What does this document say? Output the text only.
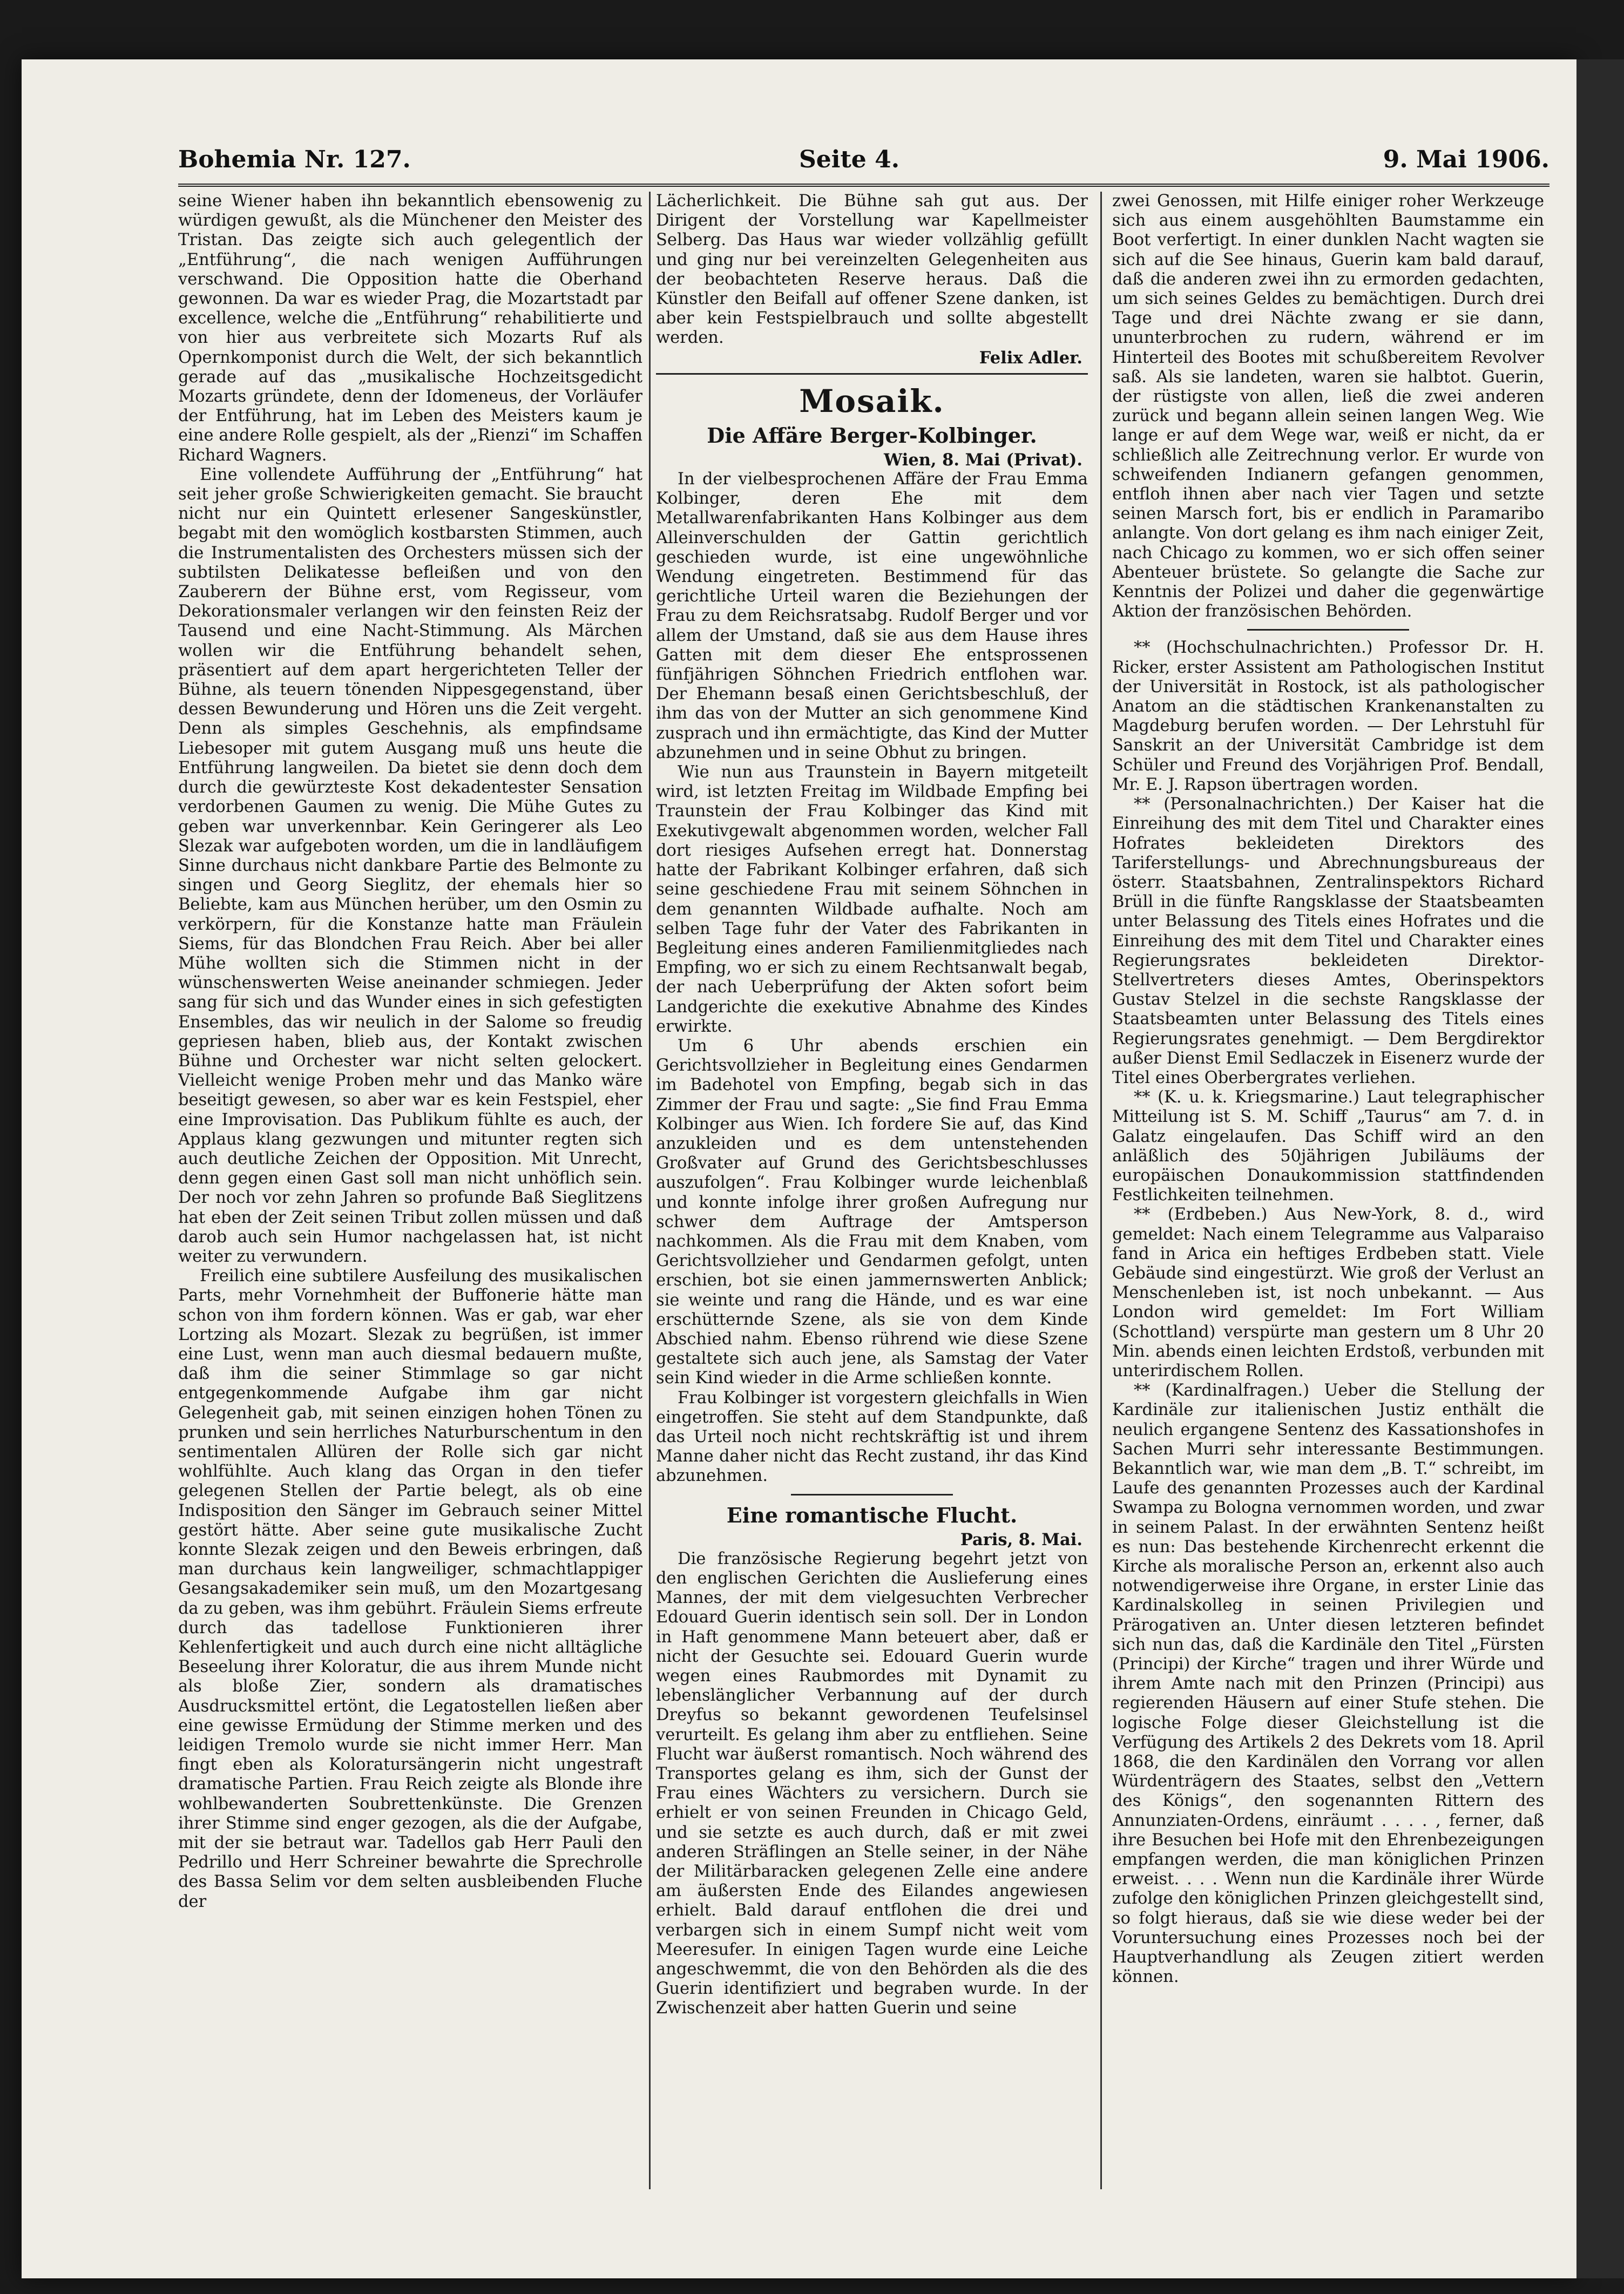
Bohemia Nr. 127.	Seite 4.	9. Mai 1906.

seine Wiener haben ihn bekanntlich ebensowenig zu würdigen gewußt, als die Münchener den Meister des Tristan. Das zeigte sich auch gelegentlich der „Entführung“, die nach wenigen Aufführungen verschwand. Die Opposition hatte die Oberhand gewonnen. Da war es wieder Prag, die Mozartstadt par excellence, welche die „Entführung“ rehabilitierte und von hier aus verbreitete sich Mozarts Ruf als Opernkomponist durch die Welt, der sich bekanntlich gerade auf das „musikalische Hochzeitsgedicht Mozarts gründete, denn der Idomeneus, der Vorläufer der Entführung, hat im Leben des Meisters kaum je eine andere Rolle gespielt, als der „Rienzi“ im Schaffen Richard Wagners.

Eine vollendete Aufführung der „Entführung“ hat seit jeher große Schwierigkeiten gemacht. Sie braucht nicht nur ein Quintett erlesener Sangeskünstler, begabt mit den womöglich kostbarsten Stimmen, auch die Instrumentalisten des Orchesters müssen sich der subtilsten Delikatesse befleißen und von den Zauberern der Bühne erst, vom Regisseur, vom Dekorationsmaler verlangen wir den feinsten Reiz der Tausend und eine Nacht-Stimmung. Als Märchen wollen wir die Entführung behandelt sehen, präsentiert auf dem apart hergerichteten Teller der Bühne, als teuern tönenden Nippesgegenstand, über dessen Bewunderung und Hören uns die Zeit vergeht. Denn als simples Geschehnis, als empfindsame Liebesoper mit gutem Ausgang muß uns heute die Entführung langweilen. Da bietet sie denn doch dem durch die gewürzteste Kost dekadentester Sensation verdorbenen Gaumen zu wenig. Die Mühe Gutes zu geben war unverkennbar. Kein Geringerer als Leo Slezak war aufgeboten worden, um die in landläufigem Sinne durchaus nicht dankbare Partie des Belmonte zu singen und Georg Sieglitz, der ehemals hier so Beliebte, kam aus München herüber, um den Osmin zu verkörpern, für die Konstanze hatte man Fräulein Siems, für das Blondchen Frau Reich. Aber bei aller Mühe wollten sich die Stimmen nicht in der wünschenswerten Weise aneinander schmiegen. Jeder sang für sich und das Wunder eines in sich gefestigten Ensembles, das wir neulich in der Salome so freudig gepriesen haben, blieb aus, der Kontakt zwischen Bühne und Orchester war nicht selten gelockert. Vielleicht wenige Proben mehr und das Manko wäre beseitigt gewesen, so aber war es kein Festspiel, eher eine Improvisation. Das Publikum fühlte es auch, der Applaus klang gezwungen und mitunter regten sich auch deutliche Zeichen der Opposition. Mit Unrecht, denn gegen einen Gast soll man nicht unhöflich sein. Der noch vor zehn Jahren so profunde Baß Sieglitzens hat eben der Zeit seinen Tribut zollen müssen und daß darob auch sein Humor nachgelassen hat, ist nicht weiter zu verwundern.

Freilich eine subtilere Ausfeilung des musikalischen Parts, mehr Vornehmheit der Buffonerie hätte man schon von ihm fordern können. Was er gab, war eher Lortzing als Mozart. Slezak zu begrüßen, ist immer eine Lust, wenn man auch diesmal bedauern mußte, daß ihm die seiner Stimmlage so gar nicht entgegenkommende Aufgabe ihm gar nicht Gelegenheit gab, mit seinen einzigen hohen Tönen zu prunken und sein herrliches Naturburschentum in den sentimentalen Allüren der Rolle sich gar nicht wohlfühlte. Auch klang das Organ in den tiefer gelegenen Stellen der Partie belegt, als ob eine Indisposition den Sänger im Gebrauch seiner Mittel gestört hätte. Aber seine gute musikalische Zucht konnte Slezak zeigen und den Beweis erbringen, daß man durchaus kein langweiliger, schmachtlappiger Gesangsakademiker sein muß, um den Mozartgesang da zu geben, was ihm gebührt. Fräulein Siems erfreute durch das tadellose Funktionieren ihrer Kehlenfertigkeit und auch durch eine nicht alltägliche Beseelung ihrer Koloratur, die aus ihrem Munde nicht als bloße Zier, sondern als dramatisches Ausdrucksmittel ertönt, die Legatostellen ließen aber eine gewisse Ermüdung der Stimme merken und des leidigen Tremolo wurde sie nicht immer Herr. Man fingt eben als Koloratursängerin nicht ungestraft dramatische Partien. Frau Reich zeigte als Blonde ihre wohlbewanderten Soubrettenkünste. Die Grenzen ihrer Stimme sind enger gezogen, als die der Aufgabe, mit der sie betraut war. Tadellos gab Herr Pauli den Pedrillo und Herr Schreiner bewahrte die Sprechrolle des Bassa Selim vor dem selten ausbleibenden Fluche der

Lächerlichkeit. Die Bühne sah gut aus. Der Dirigent der Vorstellung war Kapellmeister Selberg. Das Haus war wieder vollzählig gefüllt und ging nur bei vereinzelten Gelegenheiten aus der beobachteten Reserve heraus. Daß die Künstler den Beifall auf offener Szene danken, ist aber kein Festspielbrauch und sollte abgestellt werden.

Felix Adler.
Mosaik.
Die Affäre Berger-Kolbinger.
Wien, 8. Mai (Privat).

In der vielbesprochenen Affäre der Frau Emma Kolbinger, deren Ehe mit dem Metallwarenfabrikanten Hans Kolbinger aus dem Alleinverschulden der Gattin gerichtlich geschieden wurde, ist eine ungewöhnliche Wendung eingetreten. Bestimmend für das gerichtliche Urteil waren die Beziehungen der Frau zu dem Reichsratsabg. Rudolf Berger und vor allem der Umstand, daß sie aus dem Hause ihres Gatten mit dem dieser Ehe entsprossenen fünfjährigen Söhnchen Friedrich entflohen war. Der Ehemann besaß einen Gerichtsbeschluß, der ihm das von der Mutter an sich genommene Kind zusprach und ihn ermächtigte, das Kind der Mutter abzunehmen und in seine Obhut zu bringen.

Wie nun aus Traunstein in Bayern mitgeteilt wird, ist letzten Freitag im Wildbade Empfing bei Traunstein der Frau Kolbinger das Kind mit Exekutivgewalt abgenommen worden, welcher Fall dort riesiges Aufsehen erregt hat. Donnerstag hatte der Fabrikant Kolbinger erfahren, daß sich seine geschiedene Frau mit seinem Söhnchen in dem genannten Wildbade aufhalte. Noch am selben Tage fuhr der Vater des Fabrikanten in Begleitung eines anderen Familienmitgliedes nach Empfing, wo er sich zu einem Rechtsanwalt begab, der nach Ueberprüfung der Akten sofort beim Landgerichte die exekutive Abnahme des Kindes erwirkte.

Um 6 Uhr abends erschien ein Gerichtsvollzieher in Begleitung eines Gendarmen im Badehotel von Empfing, begab sich in das Zimmer der Frau und sagte: „Sie find Frau Emma Kolbinger aus Wien. Ich fordere Sie auf, das Kind anzukleiden und es dem untenstehenden Großvater auf Grund des Gerichtsbeschlusses auszufolgen“. Frau Kolbinger wurde leichenblaß und konnte infolge ihrer großen Aufregung nur schwer dem Auftrage der Amtsperson nachkommen. Als die Frau mit dem Knaben, vom Gerichtsvollzieher und Gendarmen gefolgt, unten erschien, bot sie einen jammernswerten Anblick; sie weinte und rang die Hände, und es war eine erschütternde Szene, als sie von dem Kinde Abschied nahm. Ebenso rührend wie diese Szene gestaltete sich auch jene, als Samstag der Vater sein Kind wieder in die Arme schließen konnte.

Frau Kolbinger ist vorgestern gleichfalls in Wien eingetroffen. Sie steht auf dem Standpunkte, daß das Urteil noch nicht rechtskräftig ist und ihrem Manne daher nicht das Recht zustand, ihr das Kind abzunehmen.

Eine romantische Flucht.
Paris, 8. Mai.

Die französische Regierung begehrt jetzt von den englischen Gerichten die Auslieferung eines Mannes, der mit dem vielgesuchten Verbrecher Edouard Guerin identisch sein soll. Der in London in Haft genommene Mann beteuert aber, daß er nicht der Gesuchte sei. Edouard Guerin wurde wegen eines Raubmordes mit Dynamit zu lebenslänglicher Verbannung auf der durch Dreyfus so bekannt gewordenen Teufelsinsel verurteilt. Es gelang ihm aber zu entfliehen. Seine Flucht war äußerst romantisch. Noch während des Transportes gelang es ihm, sich der Gunst der Frau eines Wächters zu versichern. Durch sie erhielt er von seinen Freunden in Chicago Geld, und sie setzte es auch durch, daß er mit zwei anderen Sträflingen an Stelle seiner, in der Nähe der Militärbaracken gelegenen Zelle eine andere am äußersten Ende des Eilandes angewiesen erhielt. Bald darauf entflohen die drei und verbargen sich in einem Sumpf nicht weit vom Meeresufer. In einigen Tagen wurde eine Leiche angeschwemmt, die von den Behörden als die des Guerin identifiziert und begraben wurde. In der Zwischenzeit aber hatten Guerin und seine

zwei Genossen, mit Hilfe einiger roher Werkzeuge sich aus einem ausgehöhlten Baumstamme ein Boot verfertigt. In einer dunklen Nacht wagten sie sich auf die See hinaus, Guerin kam bald darauf, daß die anderen zwei ihn zu ermorden gedachten, um sich seines Geldes zu bemächtigen. Durch drei Tage und drei Nächte zwang er sie dann, ununterbrochen zu rudern, während er im Hinterteil des Bootes mit schußbereitem Revolver saß. Als sie landeten, waren sie halbtot. Guerin, der rüstigste von allen, ließ die zwei anderen zurück und begann allein seinen langen Weg. Wie lange er auf dem Wege war, weiß er nicht, da er schließlich alle Zeitrechnung verlor. Er wurde von schweifenden Indianern gefangen genommen, entfloh ihnen aber nach vier Tagen und setzte seinen Marsch fort, bis er endlich in Paramaribo anlangte. Von dort gelang es ihm nach einiger Zeit, nach Chicago zu kommen, wo er sich offen seiner Abenteuer brüstete. So gelangte die Sache zur Kenntnis der Polizei und daher die gegenwärtige Aktion der französischen Behörden.

** (Hochschulnachrichten.) Professor Dr. H. Ricker, erster Assistent am Pathologischen Institut der Universität in Rostock, ist als pathologischer Anatom an die städtischen Krankenanstalten zu Magdeburg berufen worden. — Der Lehrstuhl für Sanskrit an der Universität Cambridge ist dem Schüler und Freund des Vorjährigen Prof. Bendall, Mr. E. J. Rapson übertragen worden.

** (Personalnachrichten.) Der Kaiser hat die Einreihung des mit dem Titel und Charakter eines Hofrates bekleideten Direktors des Tariferstellungs- und Abrechnungsbureaus der österr. Staatsbahnen, Zentralinspektors Richard Brüll in die fünfte Rangsklasse der Staatsbeamten unter Belassung des Titels eines Hofrates und die Einreihung des mit dem Titel und Charakter eines Regierungsrates bekleideten Direktor-Stellvertreters dieses Amtes, Oberinspektors Gustav Stelzel in die sechste Rangsklasse der Staatsbeamten unter Belassung des Titels eines Regierungsrates genehmigt. — Dem Bergdirektor außer Dienst Emil Sedlaczek in Eisenerz wurde der Titel eines Oberbergrates verliehen.

** (K. u. k. Kriegsmarine.) Laut telegraphischer Mitteilung ist S. M. Schiff „Taurus“ am 7. d. in Galatz eingelaufen. Das Schiff wird an den anläßlich des 50jährigen Jubiläums der europäischen Donaukommission stattfindenden Festlichkeiten teilnehmen.

** (Erdbeben.) Aus New-York, 8. d., wird gemeldet: Nach einem Telegramme aus Valparaiso fand in Arica ein heftiges Erdbeben statt. Viele Gebäude sind eingestürzt. Wie groß der Verlust an Menschenleben ist, ist noch unbekannt. — Aus London wird gemeldet: Im Fort William (Schottland) verspürte man gestern um 8 Uhr 20 Min. abends einen leichten Erdstoß, verbunden mit unterirdischem Rollen.

** (Kardinalfragen.) Ueber die Stellung der Kardinäle zur italienischen Justiz enthält die neulich ergangene Sentenz des Kassationshofes in Sachen Murri sehr interessante Bestimmungen. Bekanntlich war, wie man dem „B. T.“ schreibt, im Laufe des genannten Prozesses auch der Kardinal Swampa zu Bologna vernommen worden, und zwar in seinem Palast. In der erwähnten Sentenz heißt es nun: Das bestehende Kirchenrecht erkennt die Kirche als moralische Person an, erkennt also auch notwendigerweise ihre Organe, in erster Linie das Kardinalskolleg in seinen Privilegien und Prärogativen an. Unter diesen letzteren befindet sich nun das, daß die Kardinäle den Titel „Fürsten (Principi) der Kirche“ tragen und ihrer Würde und ihrem Amte nach mit den Prinzen (Principi) aus regierenden Häusern auf einer Stufe stehen. Die logische Folge dieser Gleichstellung ist die Verfügung des Artikels 2 des Dekrets vom 18. April 1868, die den Kardinälen den Vorrang vor allen Würdenträgern des Staates, selbst den „Vettern des Königs“, den sogenannten Rittern des Annunziaten-Ordens, einräumt . . . . , ferner, daß ihre Besuchen bei Hofe mit den Ehrenbezeigungen empfangen werden, die man königlichen Prinzen erweist. . . . Wenn nun die Kardinäle ihrer Würde zufolge den königlichen Prinzen gleichgestellt sind, so folgt hieraus, daß sie wie diese weder bei der Voruntersuchung eines Prozesses noch bei der Hauptverhandlung als Zeugen zitiert werden können.
